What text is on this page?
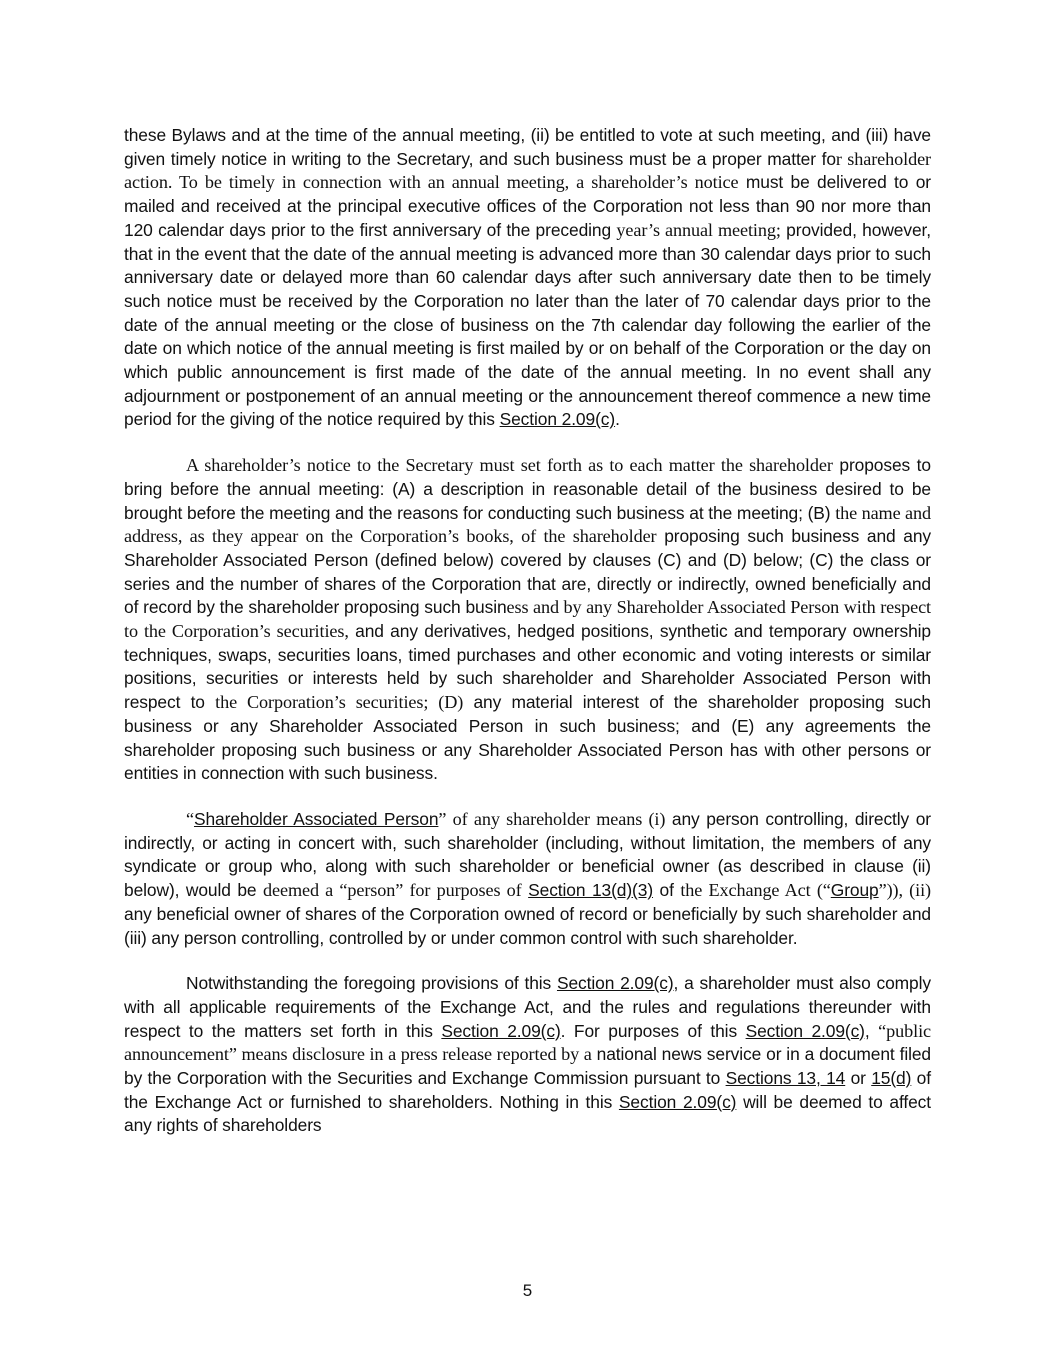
these Bylaws and at the time of the annual meeting, (ii) be entitled to vote at such meeting, and (iii) have given timely notice in writing to the Secretary, and such business must be a proper matter for shareholder action. To be timely in connection with an annual meeting, a shareholder’s notice must be delivered to or mailed and received at the principal executive offices of the Corporation not less than 90 nor more than 120 calendar days prior to the first anniversary of the preceding year’s annual meeting; provided, however, that in the event that the date of the annual meeting is advanced more than 30 calendar days prior to such anniversary date or delayed more than 60 calendar days after such anniversary date then to be timely such notice must be received by the Corporation no later than the later of 70 calendar days prior to the date of the annual meeting or the close of business on the 7th calendar day following the earlier of the date on which notice of the annual meeting is first mailed by or on behalf of the Corporation or the day on which public announcement is first made of the date of the annual meeting. In no event shall any adjournment or postponement of an annual meeting or the announcement thereof commence a new time period for the giving of the notice required by this Section 2.09(c).

A shareholder’s notice to the Secretary must set forth as to each matter the shareholder proposes to bring before the annual meeting: (A) a description in reasonable detail of the business desired to be brought before the meeting and the reasons for conducting such business at the meeting; (B) the name and address, as they appear on the Corporation’s books, of the shareholder proposing such business and any Shareholder Associated Person (defined below) covered by clauses (C) and (D) below; (C) the class or series and the number of shares of the Corporation that are, directly or indirectly, owned beneficially and of record by the shareholder proposing such business and by any Shareholder Associated Person with respect to the Corporation’s securities, and any derivatives, hedged positions, synthetic and temporary ownership techniques, swaps, securities loans, timed purchases and other economic and voting interests or similar positions, securities or interests held by such shareholder and Shareholder Associated Person with respect to the Corporation’s securities; (D) any material interest of the shareholder proposing such business or any Shareholder Associated Person in such business; and (E) any agreements the shareholder proposing such business or any Shareholder Associated Person has with other persons or entities in connection with such business.

“Shareholder Associated Person” of any shareholder means (i) any person controlling, directly or indirectly, or acting in concert with, such shareholder (including, without limitation, the members of any syndicate or group who, along with such shareholder or beneficial owner (as described in clause (ii) below), would be deemed a “person” for purposes of Section 13(d)(3) of the Exchange Act (“Group”)), (ii) any beneficial owner of shares of the Corporation owned of record or beneficially by such shareholder and (iii) any person controlling, controlled by or under common control with such shareholder.

Notwithstanding the foregoing provisions of this Section 2.09(c), a shareholder must also comply with all applicable requirements of the Exchange Act, and the rules and regulations thereunder with respect to the matters set forth in this Section 2.09(c). For purposes of this Section 2.09(c), “public announcement” means disclosure in a press release reported by a national news service or in a document filed by the Corporation with the Securities and Exchange Commission pursuant to Sections 13, 14 or 15(d) of the Exchange Act or furnished to shareholders. Nothing in this Section 2.09(c) will be deemed to affect any rights of shareholders

5
